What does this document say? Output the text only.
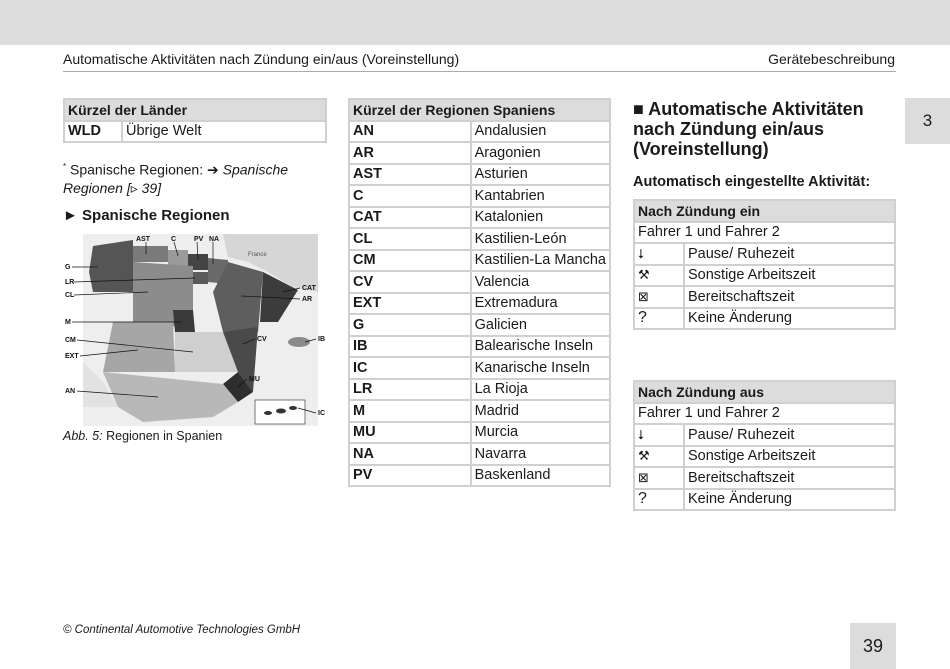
Automatische Aktivitäten nach Zündung ein/aus (Voreinstellung)	Gerätebeschreibung
3
Kürzel der Länder
WLD	Übrige Welt
* Spanische Regionen: ➔ Spanische Regionen [▹ 39]
► Spanische Regionen
France
AST	C	PV NA
G
LR
CL
M
CM
EXT
AN
CAT
AR
CV	IB
MU
IC
Abb. 5: Regionen in Spanien
Kürzel der Regionen Spaniens	
AN	Andalusien
AR	Aragonien
AST	Asturien
C	Kantabrien
CAT	Katalonien
CL	Kastilien-León
CM	Kastilien-La Mancha
CV	Valencia
EXT	Extremadura
G	Galicien
IB	Balearische Inseln
IC	Kanarische Inseln
LR	La Rioja
M	Madrid
MU	Murcia
NA	Navarra
PV	Baskenland
■ Automatische Aktivitäten nach Zündung ein/aus (Voreinstellung)
Automatisch eingestellte Aktivität:
Nach Zündung ein	
Fahrer 1 und Fahrer 2	
⭣	Pause/ Ruhezeit
⚒	Sonstige Arbeitszeit
⊠	Bereitschaftszeit
?	Keine Änderung
Nach Zündung aus	
Fahrer 1 und Fahrer 2	
⭣	Pause/ Ruhezeit
⚒	Sonstige Arbeitszeit
⊠	Bereitschaftszeit
?	Keine Änderung
© Continental Automotive Technologies GmbH
39
